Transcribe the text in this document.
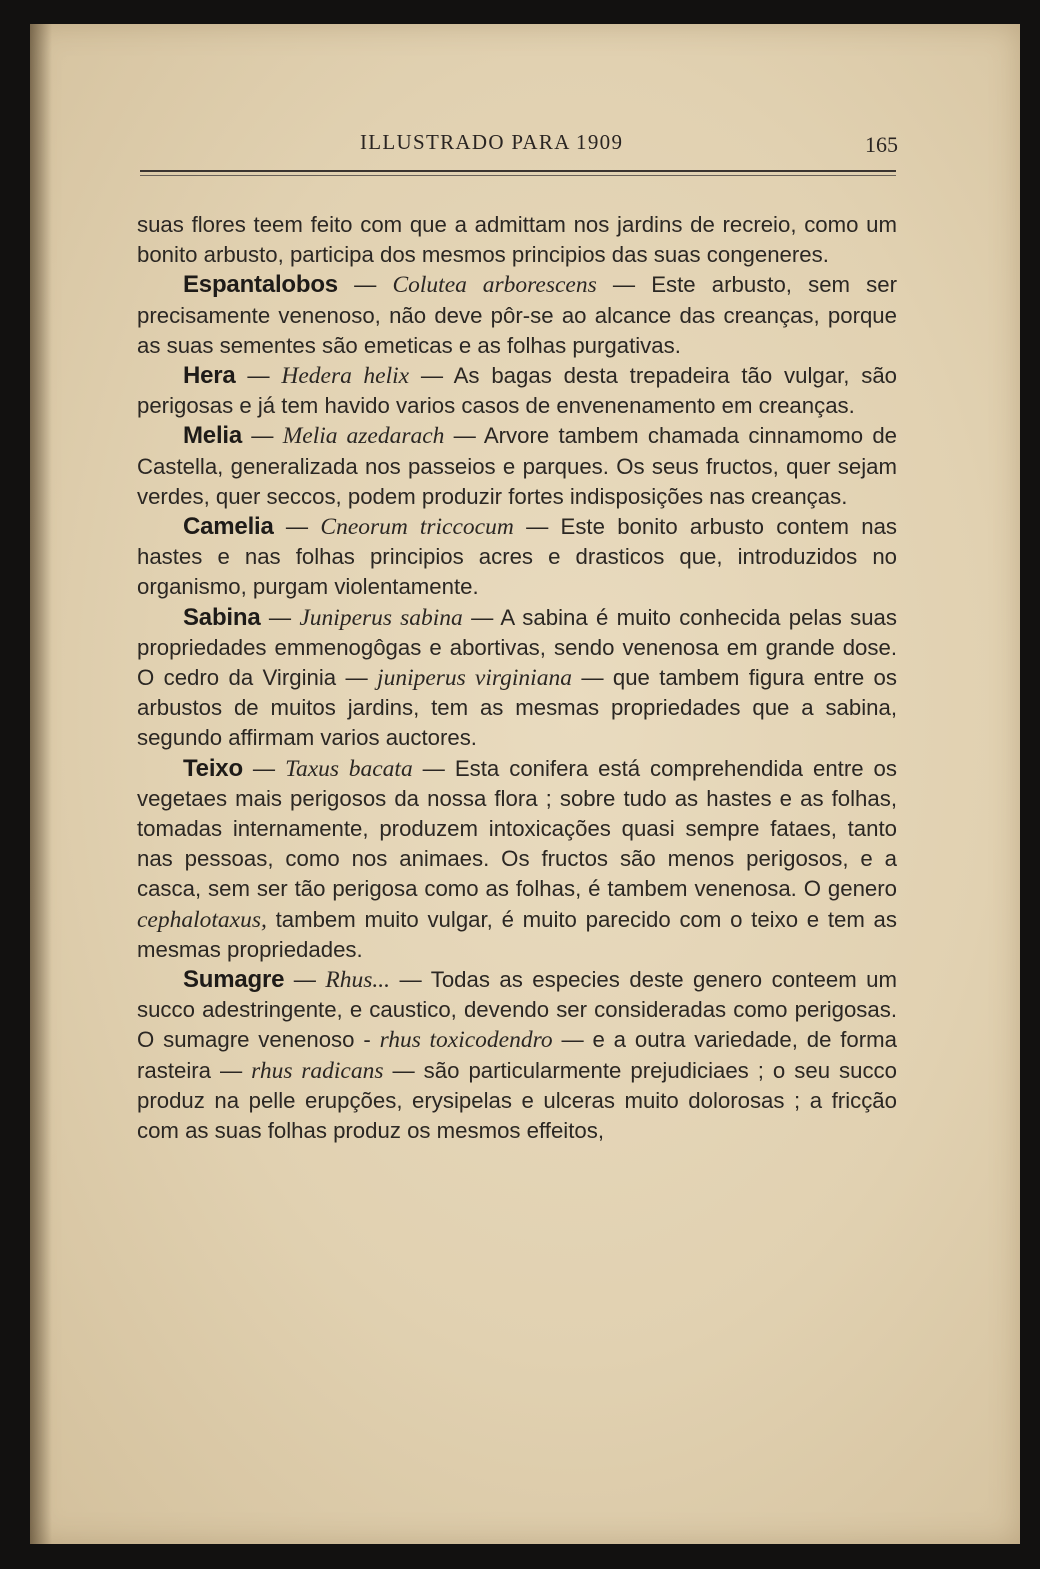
ILLUSTRADO PARA 1909	165

suas flores teem feito com que a admittam nos jardins de recreio, como um bonito arbusto, participa dos mesmos principios das suas congeneres.

Espantalobos — Colutea arborescens — Este arbusto, sem ser precisamente venenoso, não deve pôr-se ao alcance das creanças, porque as suas sementes são emeticas e as folhas purgativas.

Hera — Hedera helix — As bagas desta trepadeira tão vulgar, são perigosas e já tem havido varios casos de envenenamento em creanças.

Melia — Melia azedarach — Arvore tambem chamada cinnamomo de Castella, generalizada nos passeios e parques. Os seus fructos, quer sejam verdes, quer seccos, podem produzir fortes indisposições nas creanças.

Camelia — Cneorum triccocum — Este bonito arbusto contem nas hastes e nas folhas principios acres e drasticos que, introduzidos no organismo, purgam violentamente.

Sabina — Juniperus sabina — A sabina é muito conhecida pelas suas propriedades emmenogôgas e abortivas, sendo venenosa em grande dose. O cedro da Virginia — juniperus virginiana — que tambem figura entre os arbustos de muitos jardins, tem as mesmas propriedades que a sabina, segundo affirmam varios auctores.

Teixo — Taxus bacata — Esta conifera está comprehendida entre os vegetaes mais perigosos da nossa flora ; sobre tudo as hastes e as folhas, tomadas internamente, produzem intoxicações quasi sempre fataes, tanto nas pessoas, como nos animaes. Os fructos são menos perigosos, e a casca, sem ser tão perigosa como as folhas, é tambem venenosa. O genero cephalotaxus, tambem muito vulgar, é muito parecido com o teixo e tem as mesmas propriedades.

Sumagre — Rhus... — Todas as especies deste genero conteem um succo adestringente, e caustico, devendo ser consideradas como perigosas. O sumagre venenoso - rhus toxicodendro — e a outra variedade, de forma rasteira — rhus radicans — são particularmente prejudiciaes ; o seu succo produz na pelle erupções, erysipelas e ulceras muito dolorosas ; a fricção com as suas folhas produz os mesmos effeitos,
